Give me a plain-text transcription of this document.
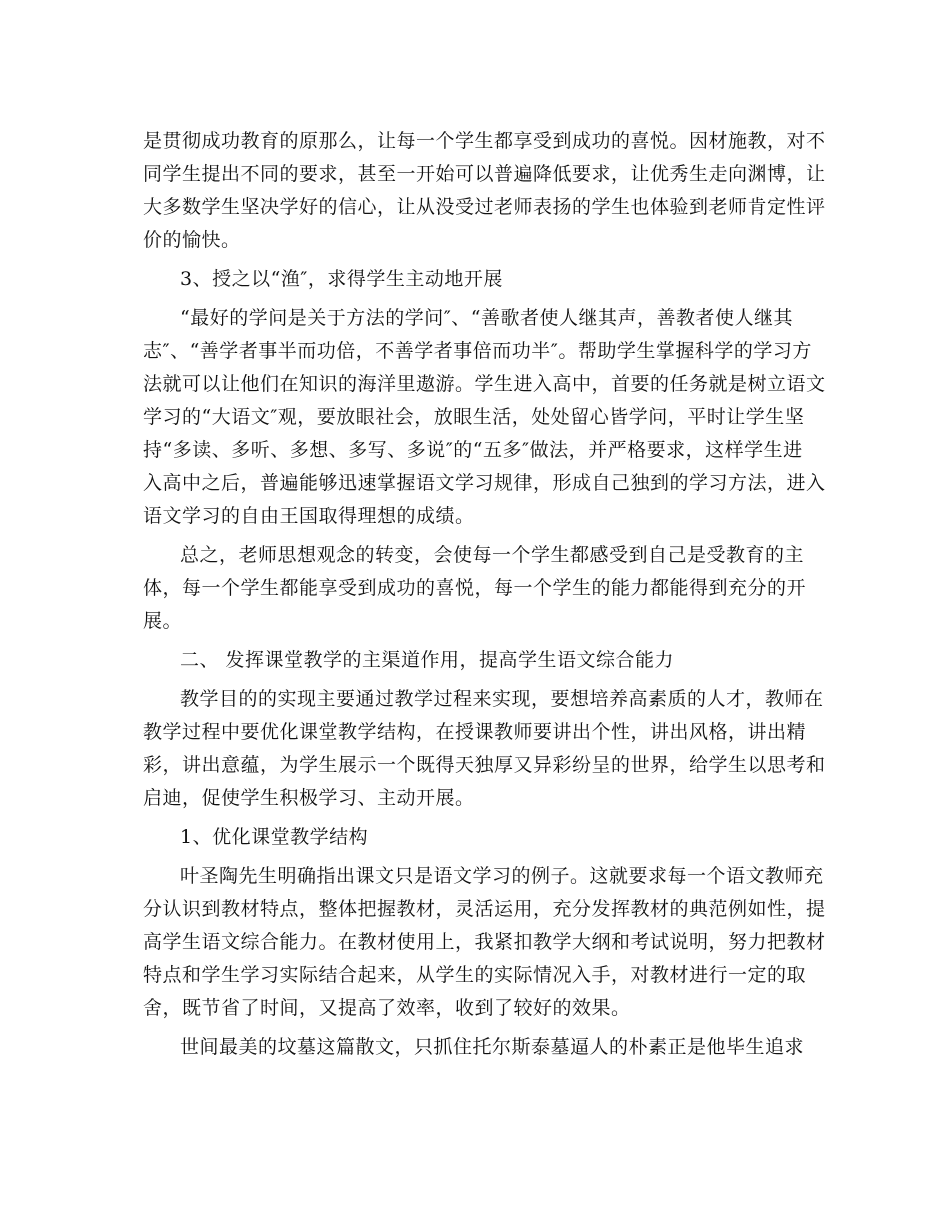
是贯彻成功教育的原那么，让每一个学生都享受到成功的喜悦。因材施教，对不
同学生提出不同的要求，甚至一开始可以普遍降低要求，让优秀生走向渊博，让
大多数学生坚决学好的信心，让从没受过老师表扬的学生也体验到老师肯定性评
价的愉快。
3、授之以“渔″，求得学生主动地开展
“最好的学问是关于方法的学问″、“善歌者使人继其声，善教者使人继其
志″、“善学者事半而功倍，不善学者事倍而功半″。帮助学生掌握科学的学习方
法就可以让他们在知识的海洋里遨游。学生进入高中，首要的任务就是树立语文
学习的“大语文″观，要放眼社会，放眼生活，处处留心皆学问，平时让学生坚
持“多读、多听、多想、多写、多说″的“五多″做法，并严格要求，这样学生进
入高中之后，普遍能够迅速掌握语文学习规律，形成自己独到的学习方法，进入
语文学习的自由王国取得理想的成绩。
总之，老师思想观念的转变，会使每一个学生都感受到自己是受教育的主
体，每一个学生都能享受到成功的喜悦，每一个学生的能力都能得到充分的开
展。
二、 发挥课堂教学的主渠道作用，提高学生语文综合能力
教学目的的实现主要通过教学过程来实现，要想培养高素质的人才，教师在
教学过程中要优化课堂教学结构，在授课教师要讲出个性，讲出风格，讲出精
彩，讲出意蕴，为学生展示一个既得天独厚又异彩纷呈的世界，给学生以思考和
启迪，促使学生积极学习、主动开展。
1、优化课堂教学结构
叶圣陶先生明确指出课文只是语文学习的例子。这就要求每一个语文教师充
分认识到教材特点，整体把握教材，灵活运用，充分发挥教材的典范例如性，提
高学生语文综合能力。在教材使用上，我紧扣教学大纲和考试说明，努力把教材
特点和学生学习实际结合起来，从学生的实际情况入手，对教材进行一定的取
舍，既节省了时间，又提高了效率，收到了较好的效果。
世间最美的坟墓这篇散文，只抓住托尔斯泰墓逼人的朴素正是他毕生追求
